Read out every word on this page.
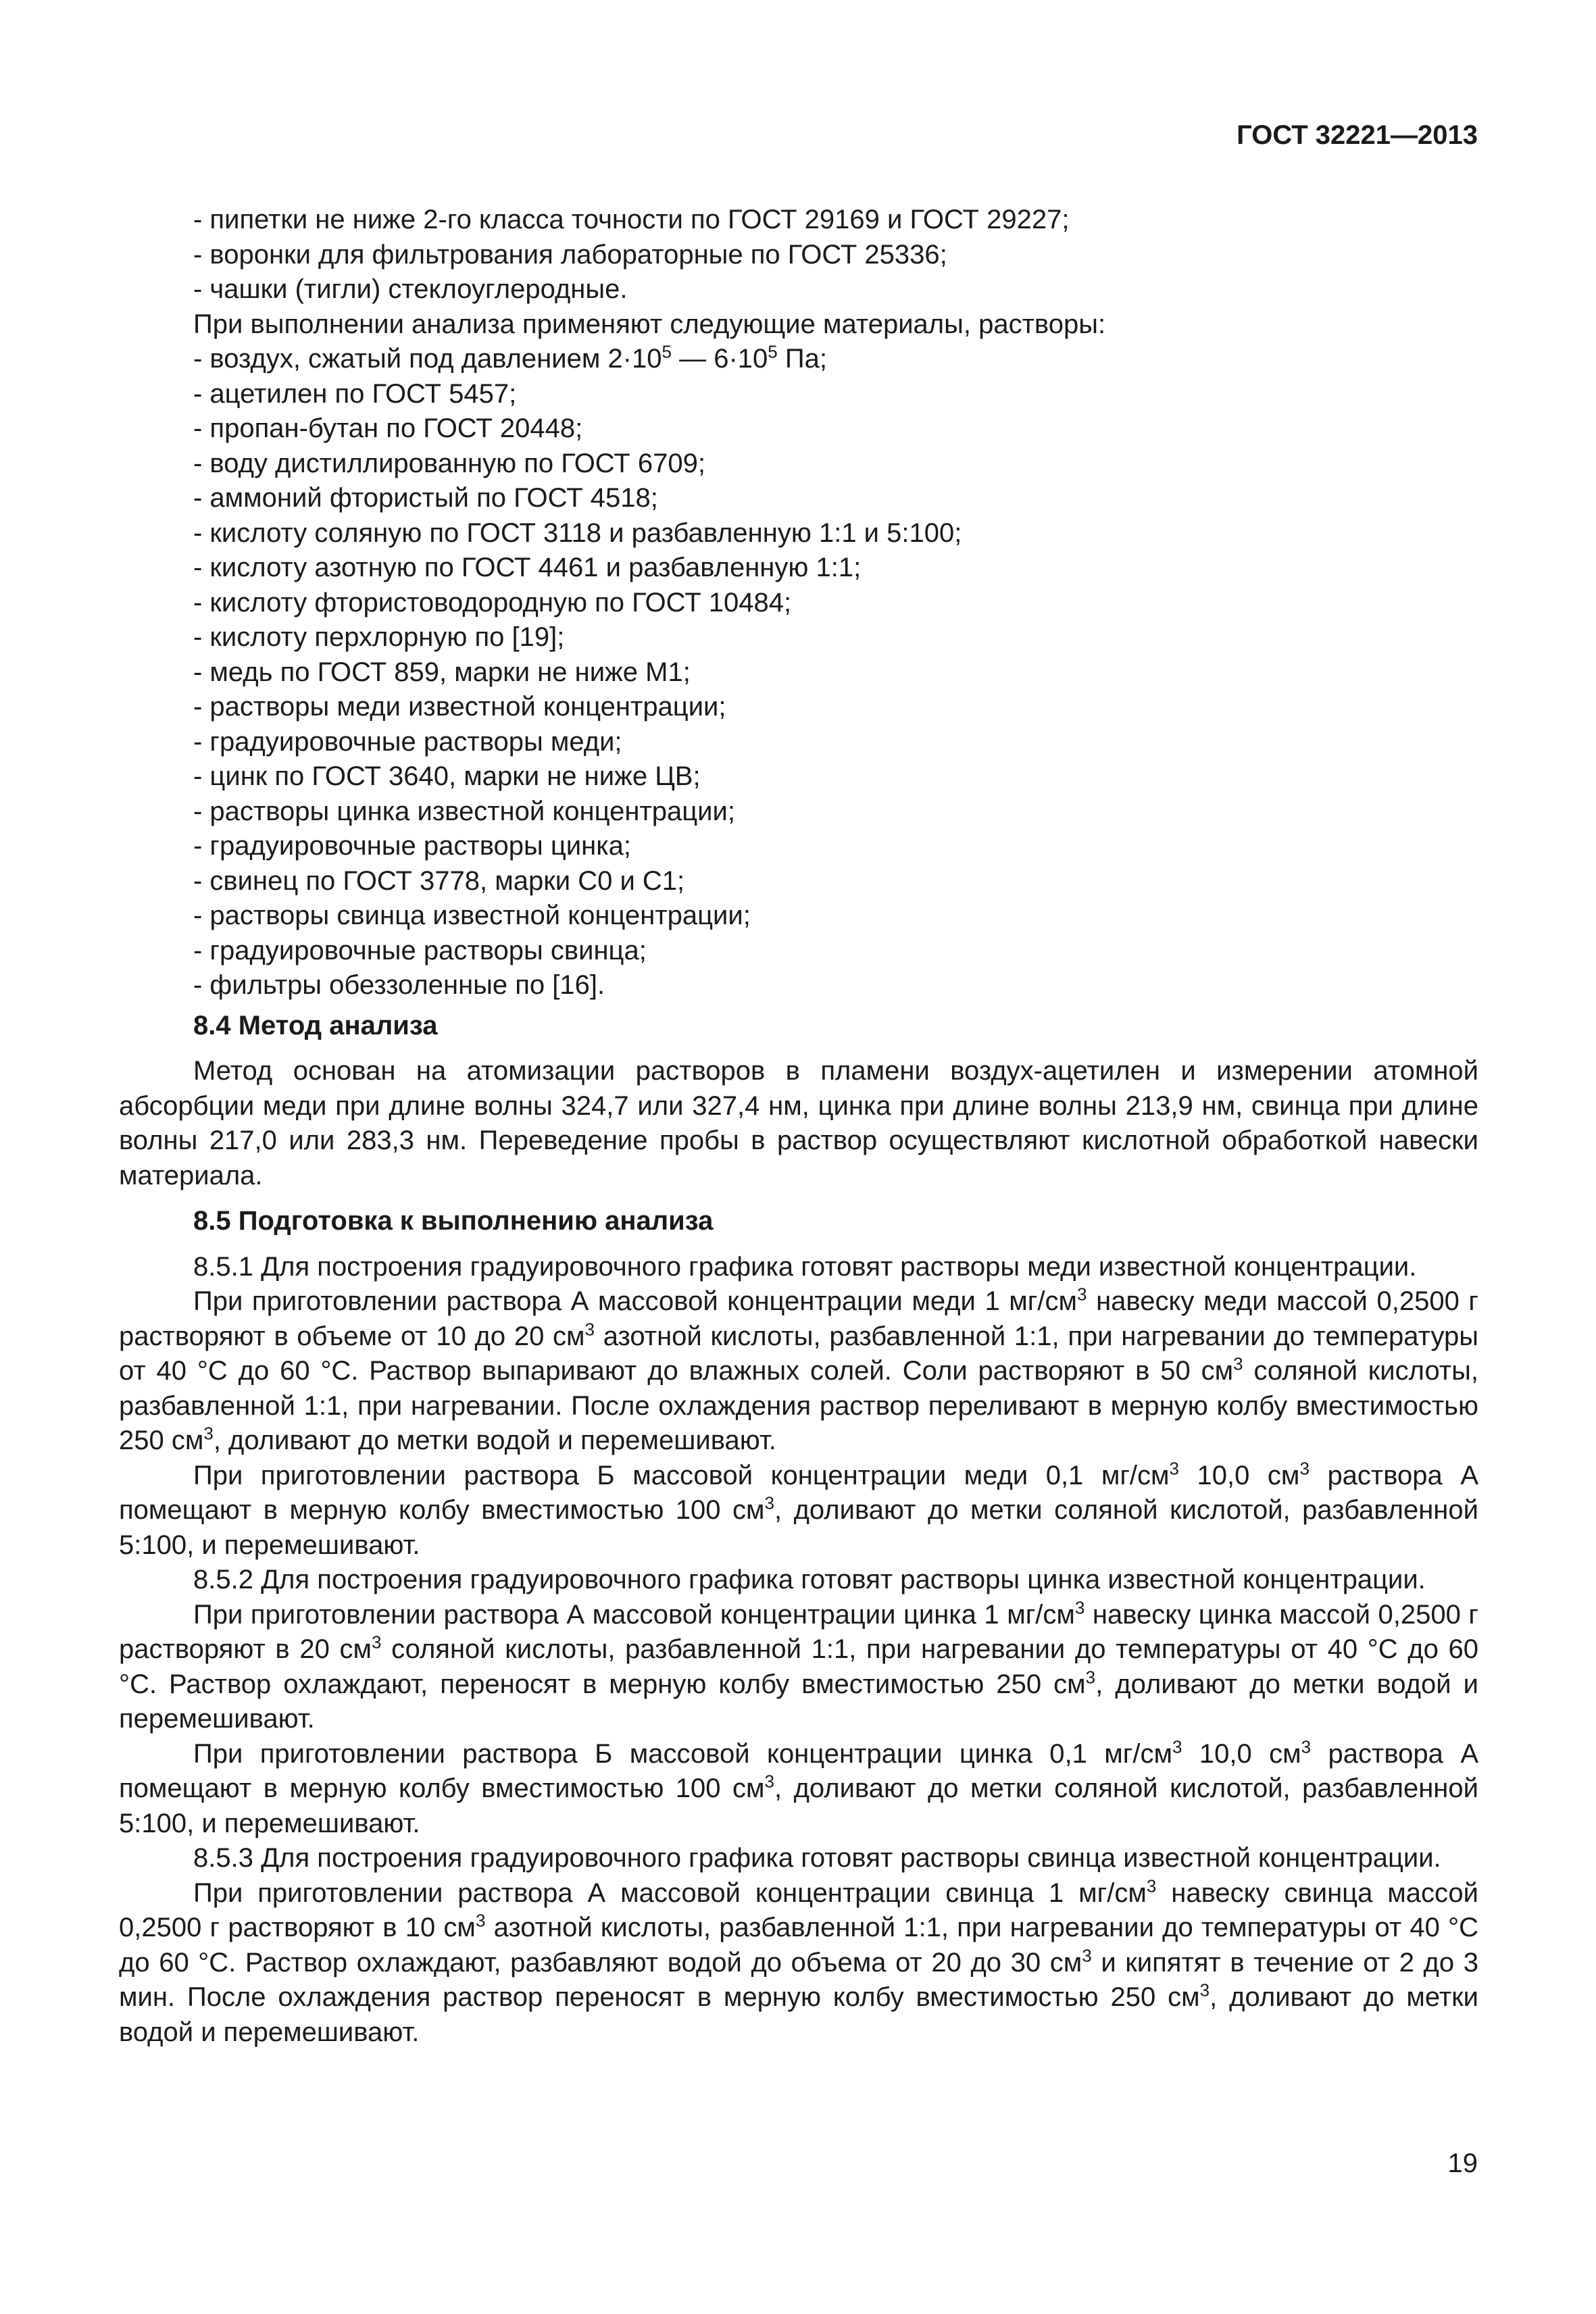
ГОСТ 32221—2013
- пипетки не ниже 2-го класса точности по ГОСТ 29169 и ГОСТ 29227;
- воронки для фильтрования лабораторные по ГОСТ 25336;
- чашки (тигли) стеклоуглеродные.
При выполнении анализа применяют следующие материалы, растворы:
- воздух, сжатый под давлением $2\cdot 10^5$ — $6\cdot 10^5$ Па;
- ацетилен по ГОСТ 5457;
- пропан-бутан по ГОСТ 20448;
- воду дистиллированную по ГОСТ 6709;
- аммоний фтористый по ГОСТ 4518;
- кислоту соляную по ГОСТ 3118 и разбавленную 1:1 и 5:100;
- кислоту азотную по ГОСТ 4461 и разбавленную 1:1;
- кислоту фтористоводородную по ГОСТ 10484;
- кислоту перхлорную по [19];
- медь по ГОСТ 859, марки не ниже М1;
- растворы меди известной концентрации;
- градуировочные растворы меди;
- цинк по ГОСТ 3640, марки не ниже ЦВ;
- растворы цинка известной концентрации;
- градуировочные растворы цинка;
- свинец по ГОСТ 3778, марки С0 и С1;
- растворы свинца известной концентрации;
- градуировочные растворы свинца;
- фильтры обеззоленные по [16].
8.4 Метод анализа
Метод основан на атомизации растворов в пламени воздух-ацетилен и измерении атомной абсорбции меди при длине волны 324,7 или 327,4 нм, цинка при длине волны 213,9 нм, свинца при длине волны 217,0 или 283,3 нм. Переведение пробы в раствор осуществляют кислотной обработкой навески материала.
8.5 Подготовка к выполнению анализа
8.5.1 Для построения градуировочного графика готовят растворы меди известной концентрации.
При приготовлении раствора А массовой концентрации меди 1 $мг/см^3$ навеску меди массой 0,2500 г растворяют в объеме от 10 до 20 $см^3$ азотной кислоты, разбавленной 1:1, при нагревании до температуры от 40 °С до 60 °С. Раствор выпаривают до влажных солей. Соли растворяют в 50 $см^3$ соляной кислоты, разбавленной 1:1, при нагревании. После охлаждения раствор переливают в мерную колбу вместимостью 250 $см^3$, доливают до метки водой и перемешивают.
При приготовлении раствора Б массовой концентрации меди 0,1 $мг/см^3$ 10,0 $см^3$ раствора А помещают в мерную колбу вместимостью 100 $см^3$, доливают до метки соляной кислотой, разбавленной 5:100, и перемешивают.
8.5.2 Для построения градуировочного графика готовят растворы цинка известной концентрации.
При приготовлении раствора А массовой концентрации цинка 1 $мг/см^3$ навеску цинка массой 0,2500 г растворяют в 20 $см^3$ соляной кислоты, разбавленной 1:1, при нагревании до температуры от 40 °С до 60 °С. Раствор охлаждают, переносят в мерную колбу вместимостью 250 $см^3$, доливают до метки водой и перемешивают.
При приготовлении раствора Б массовой концентрации цинка 0,1 $мг/см^3$ 10,0 $см^3$ раствора А помещают в мерную колбу вместимостью 100 $см^3$, доливают до метки соляной кислотой, разбавленной 5:100, и перемешивают.
8.5.3 Для построения градуировочного графика готовят растворы свинца известной концентрации.
При приготовлении раствора А массовой концентрации свинца 1 $мг/см^3$ навеску свинца массой 0,2500 г растворяют в 10 $см^3$ азотной кислоты, разбавленной 1:1, при нагревании до температуры от 40 °С до 60 °С. Раствор охлаждают, разбавляют водой до объема от 20 до 30 $см^3$ и кипятят в течение от 2 до 3 мин. После охлаждения раствор переносят в мерную колбу вместимостью 250 $см^3$, доливают до метки водой и перемешивают.
19
